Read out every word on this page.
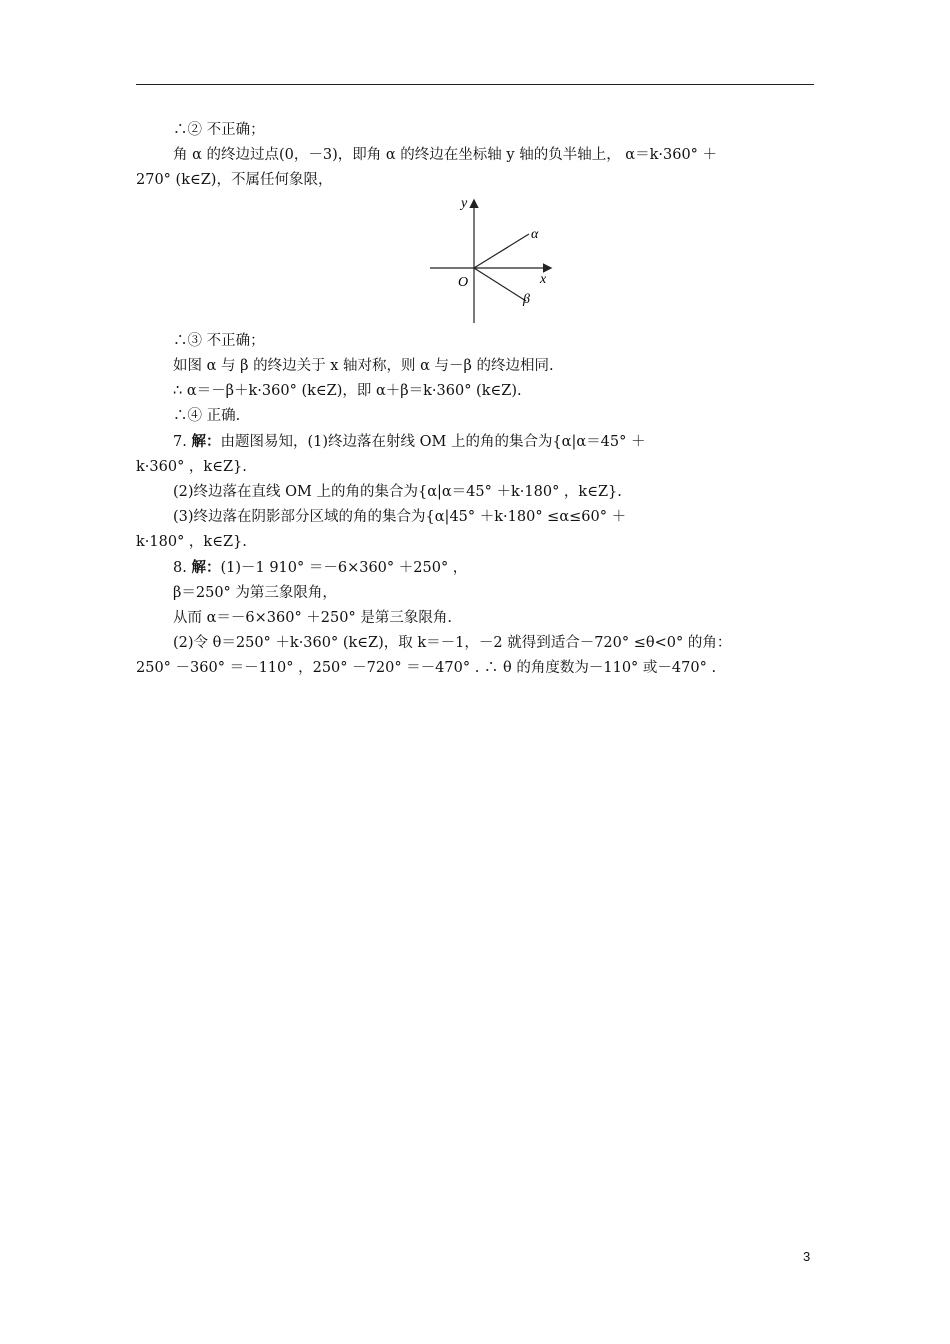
∴② 不正确；
角 α 的终边过点(0，－3)，即角 α 的终边在坐标轴 y 轴的负半轴上， α＝k·360° ＋
270° (k∈Z)，不属任何象限，
y
x
O
α
β
∴③ 不正确；
如图 α 与 β 的终边关于 x 轴对称，则 α 与－β 的终边相同.
∴ α＝－β＋k·360° (k∈Z)，即 α＋β＝k·360° (k∈Z).
∴④ 正确.
7. 解：由题图易知，(1)终边落在射线 OM 上的角的集合为{α|α＝45° ＋
k·360° ，k∈Z}.
(2)终边落在直线 OM 上的角的集合为{α|α＝45° ＋k·180° ，k∈Z}.
(3)终边落在阴影部分区域的角的集合为{α|45° ＋k·180° ≤α≤60° ＋
k·180° ，k∈Z}.
8. 解：(1)－1 910° ＝－6×360° ＋250° ，
β＝250° 为第三象限角，
从而 α＝－6×360° ＋250° 是第三象限角.
(2)令 θ＝250° ＋k·360° (k∈Z)，取 k＝－1，－2 就得到适合－720° ≤θ<0° 的角：
250° －360° ＝－110° ，250° －720° ＝－470° . ∴ θ 的角度数为－110° 或－470° .
3
